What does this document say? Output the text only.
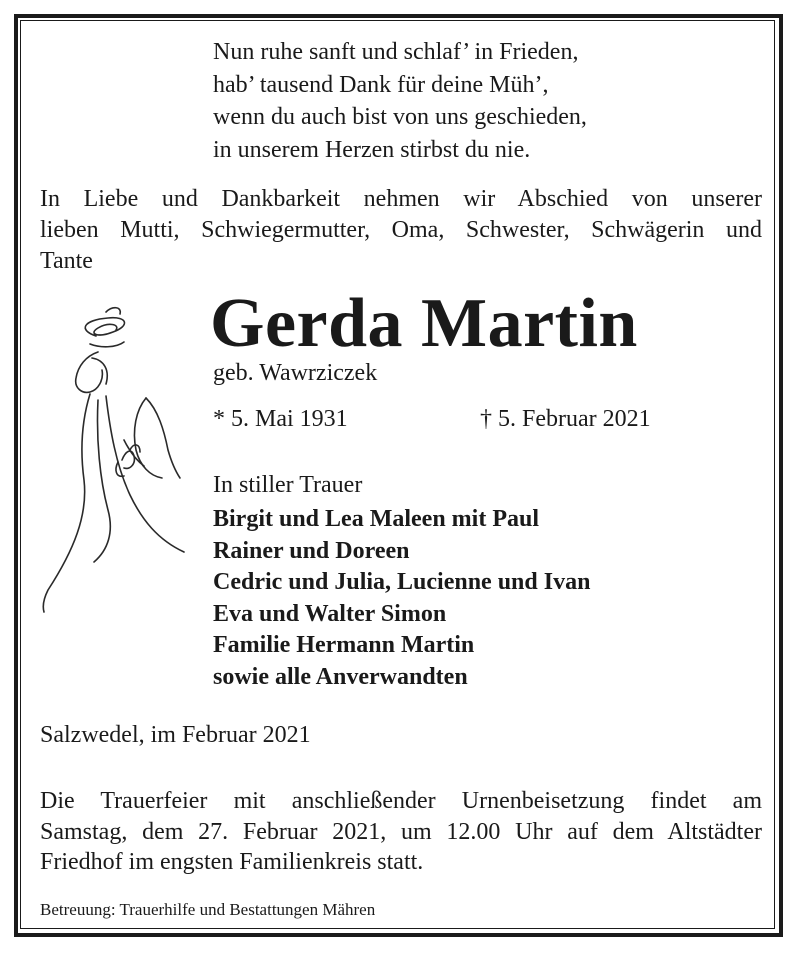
Nun ruhe sanft und schlaf’ in Frieden,
hab’ tausend Dank für deine Müh’,
wenn du auch bist von uns geschieden,
in unserem Herzen stirbst du nie.
In Liebe und Dankbarkeit nehmen wir Abschied von unserer
lieben Mutti, Schwiegermutter, Oma, Schwester, Schwägerin und
Tante
Gerda Martin
geb. Wawrziczek
* 5. Mai 1931	† 5. Februar 2021
In stiller Trauer
Birgit und Lea Maleen mit Paul
Rainer und Doreen
Cedric und Julia, Lucienne und Ivan
Eva und Walter Simon
Familie Hermann Martin
sowie alle Anverwandten
Salzwedel, im Februar 2021
Die Trauerfeier mit anschließender Urnenbeisetzung findet am
Samstag, dem 27. Februar 2021, um 12.00 Uhr auf dem Altstädter
Friedhof im engsten Familienkreis statt.
Betreuung: Trauerhilfe und Bestattungen Mähren
